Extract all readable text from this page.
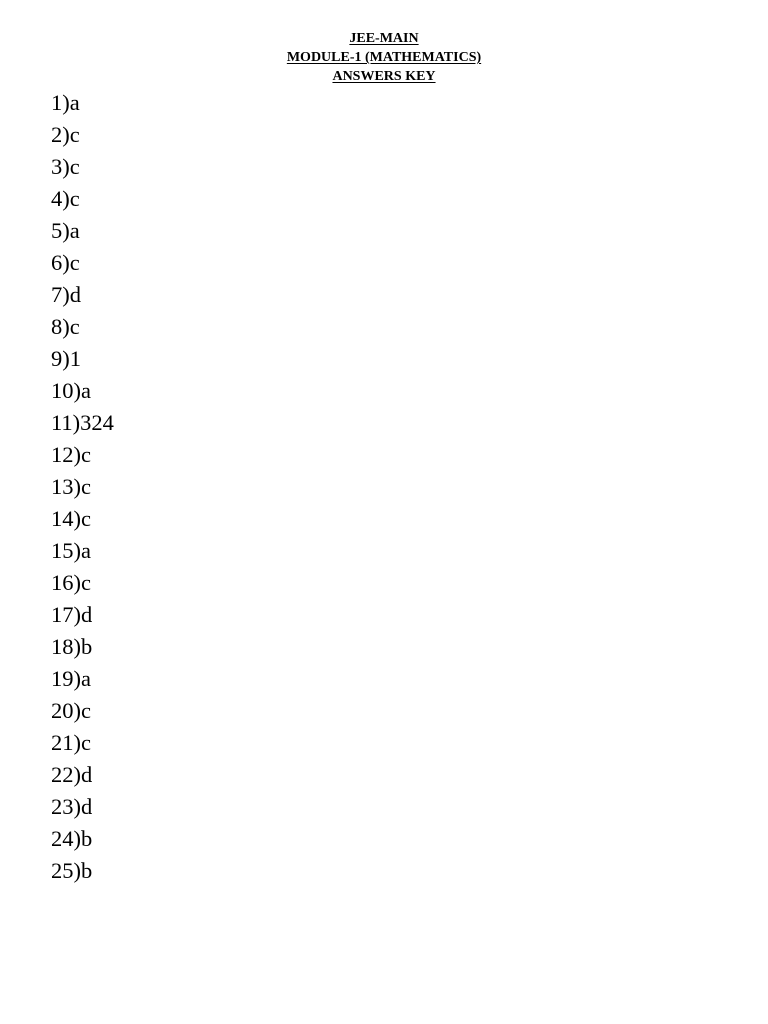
JEE-MAIN
MODULE-1 (MATHEMATICS)
ANSWERS KEY
1)a
2)c
3)c
4)c
5)a
6)c
7)d
8)c
9)1
10)a
11)324
12)c
13)c
14)c
15)a
16)c
17)d
18)b
19)a
20)c
21)c
22)d
23)d
24)b
25)b
